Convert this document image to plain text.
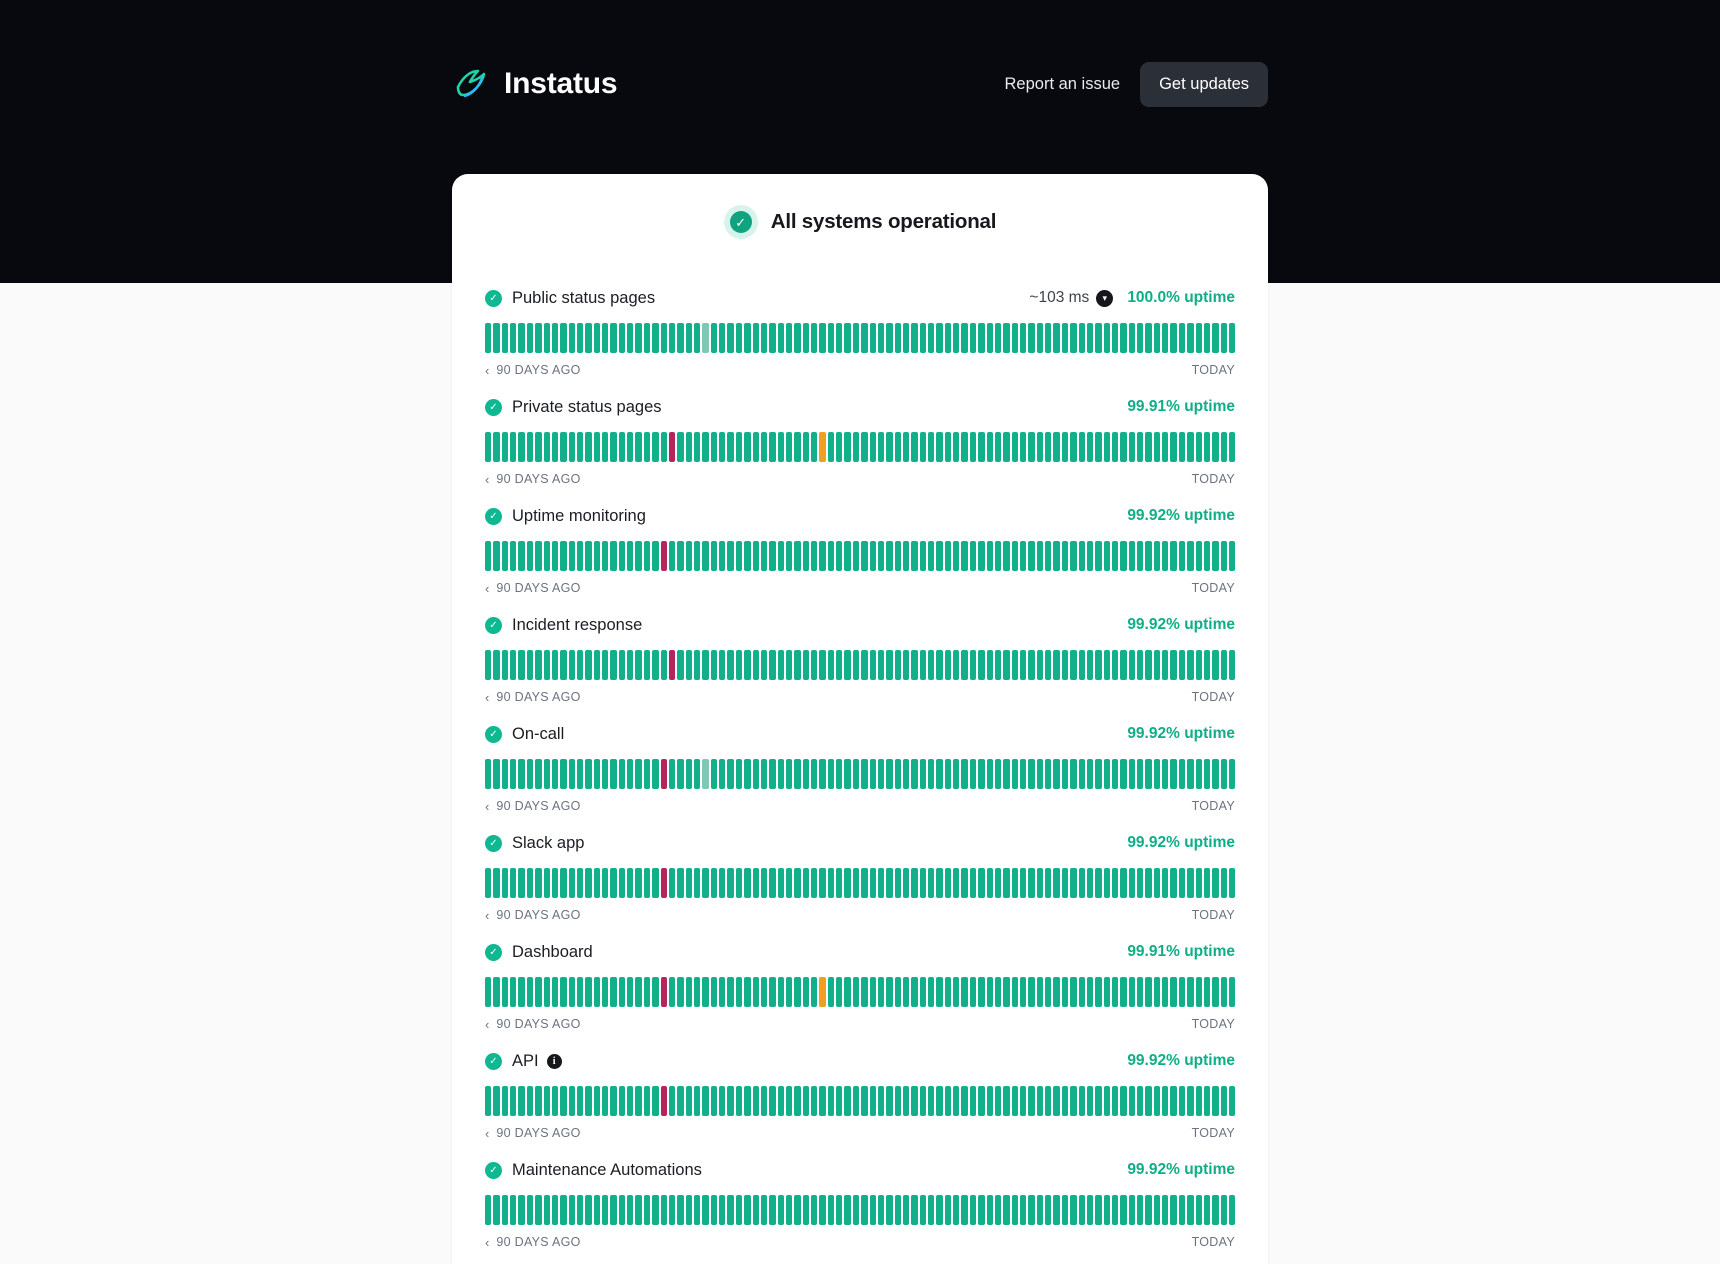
Instatus	Report an issue	Get updates
✓ All systems operational
✓ Public status pages	~103 ms	▾	100.0% uptime
‹ 90 DAYS AGO	TODAY
✓ Private status pages	99.91% uptime
‹ 90 DAYS AGO	TODAY
✓ Uptime monitoring	99.92% uptime
‹ 90 DAYS AGO	TODAY
✓ Incident response	99.92% uptime
‹ 90 DAYS AGO	TODAY
✓ On-call	99.92% uptime
‹ 90 DAYS AGO	TODAY
✓ Slack app	99.92% uptime
‹ 90 DAYS AGO	TODAY
✓ Dashboard	99.91% uptime
‹ 90 DAYS AGO	TODAY
✓ API	i	99.92% uptime
‹ 90 DAYS AGO	TODAY
✓ Maintenance Automations	99.92% uptime
‹ 90 DAYS AGO	TODAY
